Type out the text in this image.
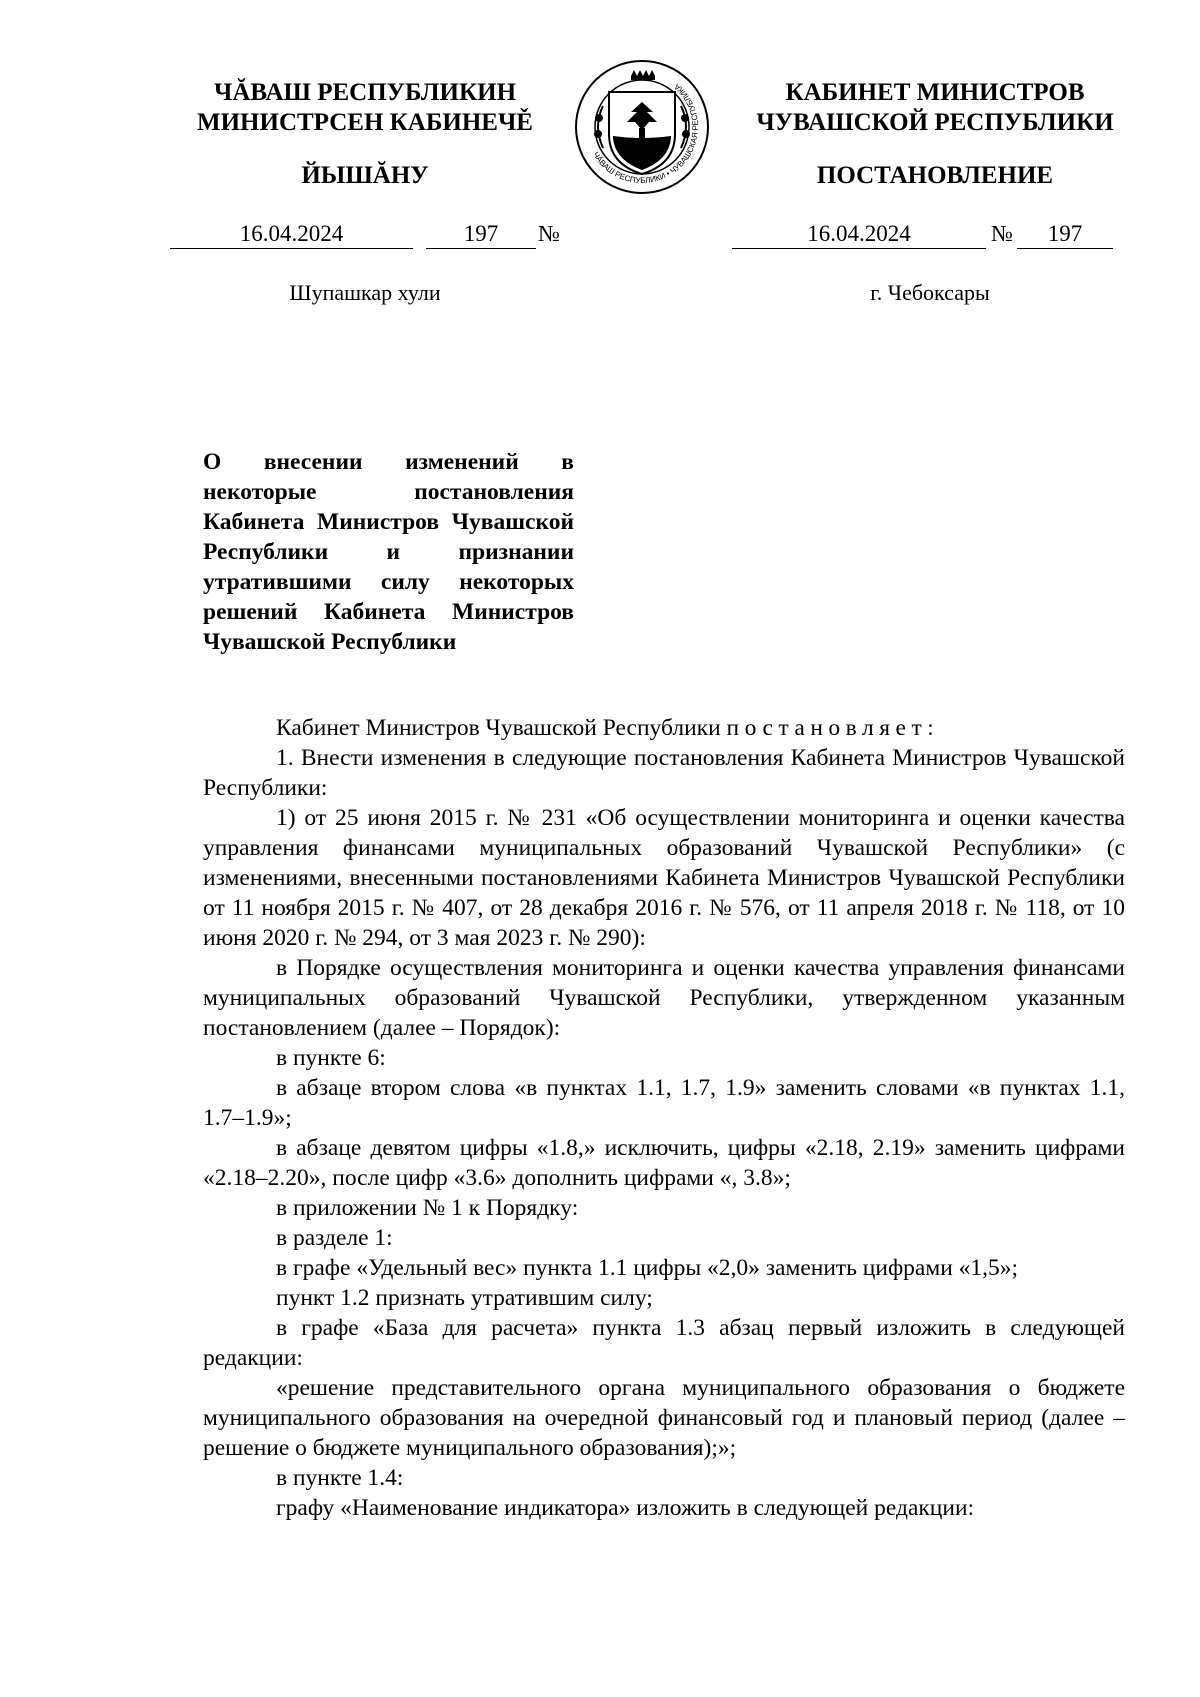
ЧĂВАШ РЕСПУБЛИКИН
МИНИСТРСЕН КАБИНЕЧĚ
ЙЫШĂНУ
ЧĂВАШ РЕСПУБЛИКИ • ЧУВАШСКАЯ РЕСПУБЛИКА	КАБИНЕТ МИНИСТРОВ
ЧУВАШСКОЙ РЕСПУБЛИКИ
ПОСТАНОВЛЕНИЕ
16.04.2024	197	№	16.04.2024	№	197
Шупашкар хули	г. Чебоксары
О внесении изменений в некоторые постановления Кабинета Министров Чувашской Республики и признании утратившими силу некоторых решений Кабинета Министров Чувашской Республики

Кабинет Министров Чувашской Республики постановляет:

1. Внести изменения в следующие постановления Кабинета Министров Чувашской Республики:

1) от 25 июня 2015 г. № 231 «Об осуществлении мониторинга и оценки качества управления финансами муниципальных образований Чувашской Республики» (с изменениями, внесенными постановлениями Кабинета Министров Чувашской Республики от 11 ноября 2015 г. № 407, от 28 декабря 2016 г. № 576, от 11 апреля 2018 г. № 118, от 10 июня 2020 г. № 294, от 3 мая 2023 г. № 290):

в Порядке осуществления мониторинга и оценки качества управления финансами муниципальных образований Чувашской Республики, утвержденном указанным постановлением (далее – Порядок):

в пункте 6:

в абзаце втором слова «в пунктах 1.1, 1.7, 1.9» заменить словами «в пунктах 1.1, 1.7–1.9»;

в абзаце девятом цифры «1.8,» исключить, цифры «2.18, 2.19» заменить цифрами «2.18–2.20», после цифр «3.6» дополнить цифрами «, 3.8»;

в приложении № 1 к Порядку:

в разделе 1:

в графе «Удельный вес» пункта 1.1 цифры «2,0» заменить цифрами «1,5»;

пункт 1.2 признать утратившим силу;

в графе «База для расчета» пункта 1.3 абзац первый изложить в следующей редакции:

«решение представительного органа муниципального образования о бюджете муниципального образования на очередной финансовый год и плановый период (далее – решение о бюджете муниципального образования);»;

в пункте 1.4:

графу «Наименование индикатора» изложить в следующей редакции:
